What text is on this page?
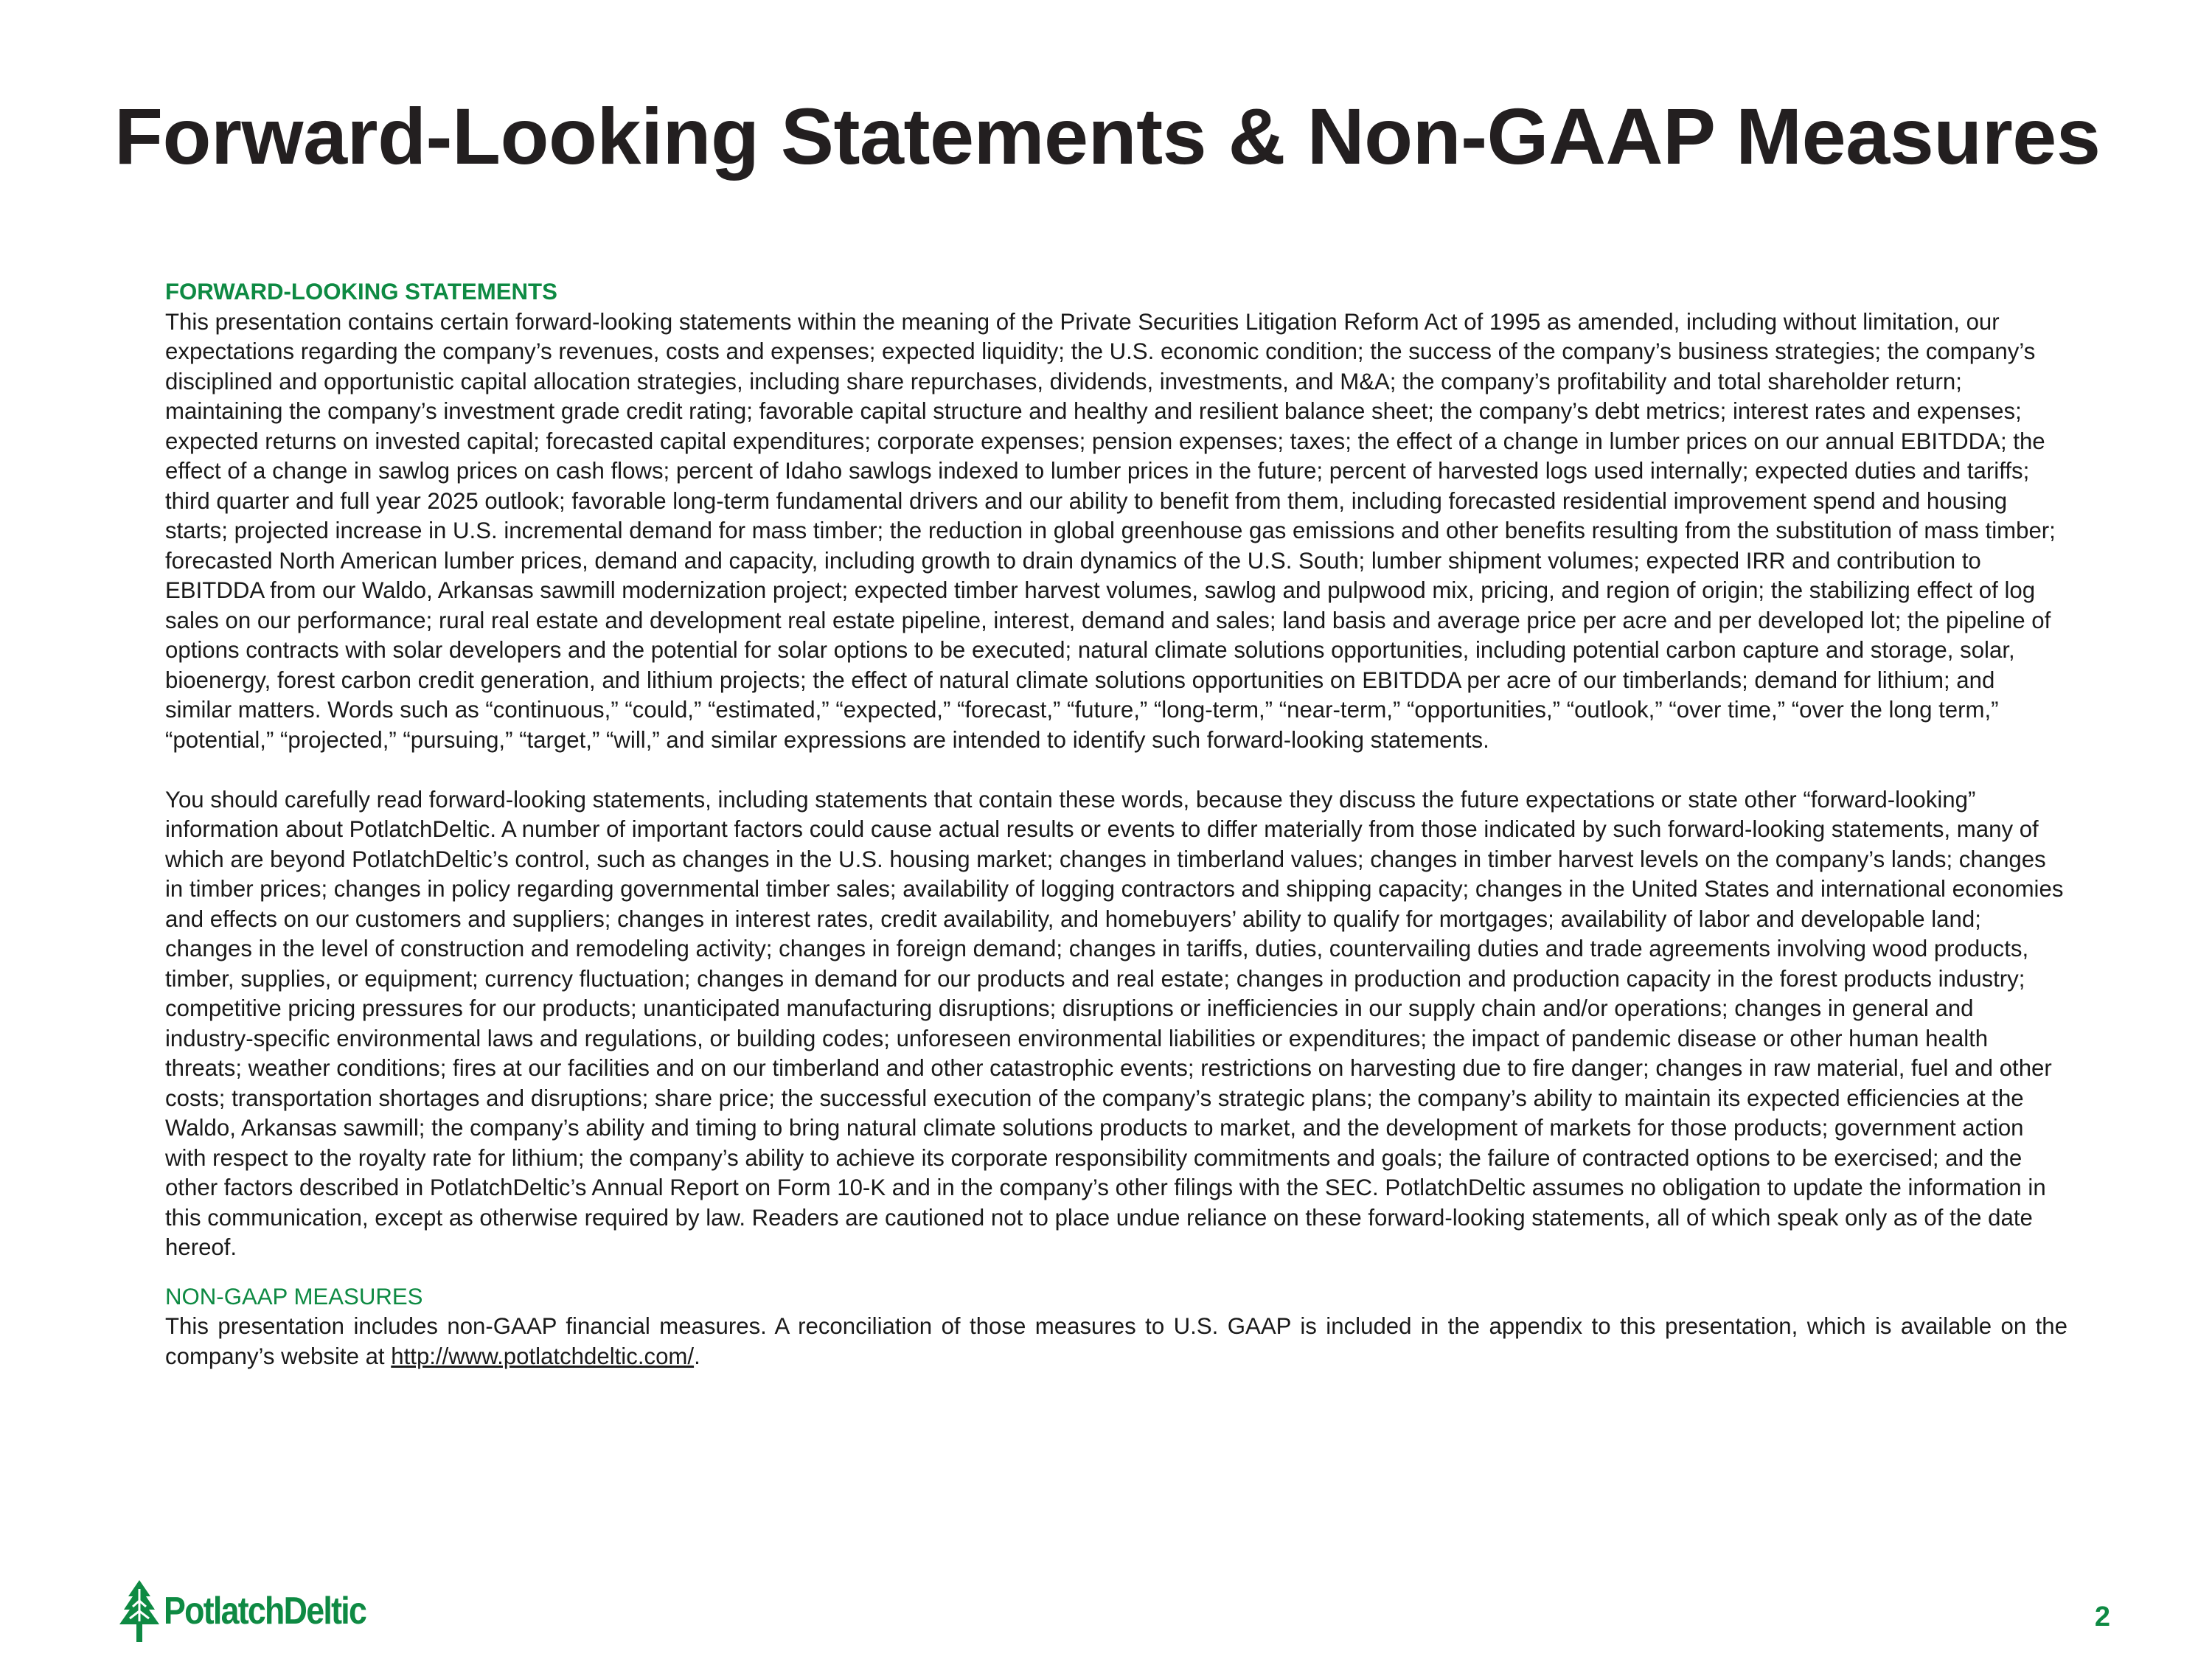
Forward-Looking Statements & Non-GAAP Measures

FORWARD-LOOKING STATEMENTS

This presentation contains certain forward-looking statements within the meaning of the Private Securities Litigation Reform Act of 1995 as amended, including without limitation, our expectations regarding the company’s revenues, costs and expenses; expected liquidity; the U.S. economic condition; the success of the company’s business strategies; the company’s disciplined and opportunistic capital allocation strategies, including share repurchases, dividends, investments, and M&A; the company’s profitability and total shareholder return; maintaining the company’s investment grade credit rating; favorable capital structure and healthy and resilient balance sheet; the company’s debt metrics; interest rates and expenses; expected returns on invested capital; forecasted capital expenditures; corporate expenses; pension expenses; taxes; the effect of a change in lumber prices on our annual EBITDDA; the effect of a change in sawlog prices on cash flows; percent of Idaho sawlogs indexed to lumber prices in the future; percent of harvested logs used internally; expected duties and tariffs; third quarter and full year 2025 outlook; favorable long-term fundamental drivers and our ability to benefit from them, including forecasted residential improvement spend and housing starts; projected increase in U.S. incremental demand for mass timber; the reduction in global greenhouse gas emissions and other benefits resulting from the substitution of mass timber; forecasted North American lumber prices, demand and capacity, including growth to drain dynamics of the U.S. South; lumber shipment volumes; expected IRR and contribution to EBITDDA from our Waldo, Arkansas sawmill modernization project; expected timber harvest volumes, sawlog and pulpwood mix, pricing, and region of origin; the stabilizing effect of log sales on our performance; rural real estate and development real estate pipeline, interest, demand and sales; land basis and average price per acre and per developed lot; the pipeline of options contracts with solar developers and the potential for solar options to be executed; natural climate solutions opportunities, including potential carbon capture and storage, solar, bioenergy, forest carbon credit generation, and lithium projects; the effect of natural climate solutions opportunities on EBITDDA per acre of our timberlands; demand for lithium; and similar matters. Words such as “continuous,” “could,” “estimated,” “expected,” “forecast,” “future,” “long-term,” “near-term,” “opportunities,” “outlook,” “over time,” “over the long term,” “potential,” “projected,” “pursuing,” “target,” “will,” and similar expressions are intended to identify such forward-looking statements.

You should carefully read forward-looking statements, including statements that contain these words, because they discuss the future expectations or state other “forward-looking” information about PotlatchDeltic. A number of important factors could cause actual results or events to differ materially from those indicated by such forward-looking statements, many of which are beyond PotlatchDeltic’s control, such as changes in the U.S. housing market; changes in timberland values; changes in timber harvest levels on the company’s lands; changes in timber prices; changes in policy regarding governmental timber sales; availability of logging contractors and shipping capacity; changes in the United States and international economies and effects on our customers and suppliers; changes in interest rates, credit availability, and homebuyers’ ability to qualify for mortgages; availability of labor and developable land; changes in the level of construction and remodeling activity; changes in foreign demand; changes in tariffs, duties, countervailing duties and trade agreements involving wood products, timber, supplies, or equipment; currency fluctuation; changes in demand for our products and real estate; changes in production and production capacity in the forest products industry; competitive pricing pressures for our products; unanticipated manufacturing disruptions; disruptions or inefficiencies in our supply chain and/or operations; changes in general and industry-specific environmental laws and regulations, or building codes; unforeseen environmental liabilities or expenditures; the impact of pandemic disease or other human health threats; weather conditions; fires at our facilities and on our timberland and other catastrophic events; restrictions on harvesting due to fire danger; changes in raw material, fuel and other costs; transportation shortages and disruptions; share price; the successful execution of the company’s strategic plans; the company’s ability to maintain its expected efficiencies at the Waldo, Arkansas sawmill; the company’s ability and timing to bring natural climate solutions products to market, and the development of markets for those products; government action with respect to the royalty rate for lithium; the company’s ability to achieve its corporate responsibility commitments and goals; the failure of contracted options to be exercised; and the other factors described in PotlatchDeltic’s Annual Report on Form 10-K and in the company’s other filings with the SEC. PotlatchDeltic assumes no obligation to update the information in this communication, except as otherwise required by law. Readers are cautioned not to place undue reliance on these forward-looking statements, all of which speak only as of the date hereof.

NON-GAAP MEASURES

This presentation includes non-GAAP financial measures. A reconciliation of those measures to U.S. GAAP is included in the appendix to this presentation, which is available on the company’s website at http://www.potlatchdeltic.com/.

PotlatchDeltic	2
